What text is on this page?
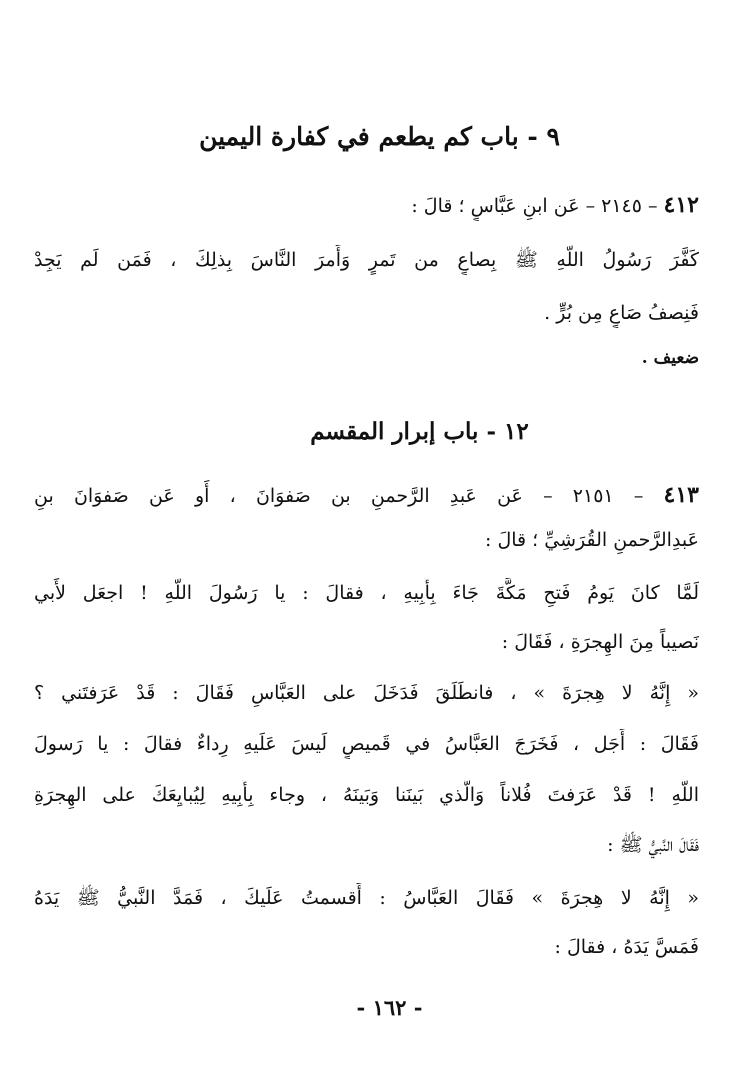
٩ - باب كم يطعم في كفارة اليمين
٤١٢ – ٢١٤٥ – عَن ابنِ عَبَّاسٍ ؛ قالَ :
كَفَّرَ رَسُولُ اللّهِ ﷺ بِصاعٍ من تَمرٍ وَأَمرَ النَّاسَ بِذلِكَ ، فَمَن لَم يَجِدْ
فَنِصفُ صَاعٍ مِن بُرٍّ .
ضعيف .
١٢ - باب إبرار المقسم
٤١٣ – ٢١٥١ – عَن عَبدِ الرَّحمنِ بن صَفوَانَ ، أَو عَن صَفوَانَ بنِ
عَبدِالرَّحمنِ القُرَشِيِّ ؛ قالَ :
لَمَّا كانَ يَومُ فَتحِ مَكَّةَ جَاءَ بِأَبِيهِ ، فقالَ : يا رَسُولَ اللّهِ ! اجعَل لأَبي
نَصيباً مِنَ الهِجرَةِ ، فَقَالَ :
« إِنَّهُ لا هِجرَةَ » ، فانطَلَقَ فَدَخَلَ على العَبَّاسِ فَقَالَ : قَدْ عَرَفتَني ؟
فَقَالَ : أَجَل ، فَخَرَجَ العَبَّاسُ في قَميصٍ لَيسَ عَلَيهِ رِداءٌ فقالَ : يا رَسولَ
اللّهِ ! قَدْ عَرَفتَ فُلاناً وَالَّذي بَينَنا وَبَينَهُ ، وجاء بِأَبِيهِ لِيُبايِعَكَ على الهِجرَةِ
فَقَالَ النَّبيُّ ﷺ :
« إِنَّهُ لا هِجرَةَ » فَقَالَ العَبَّاسُ : أَقسمتُ عَلَيكَ ، فَمَدَّ النَّبيُّ ﷺ يَدَهُ
فَمَسَّ يَدَهُ ، فقالَ :
- ١٦٢ -
